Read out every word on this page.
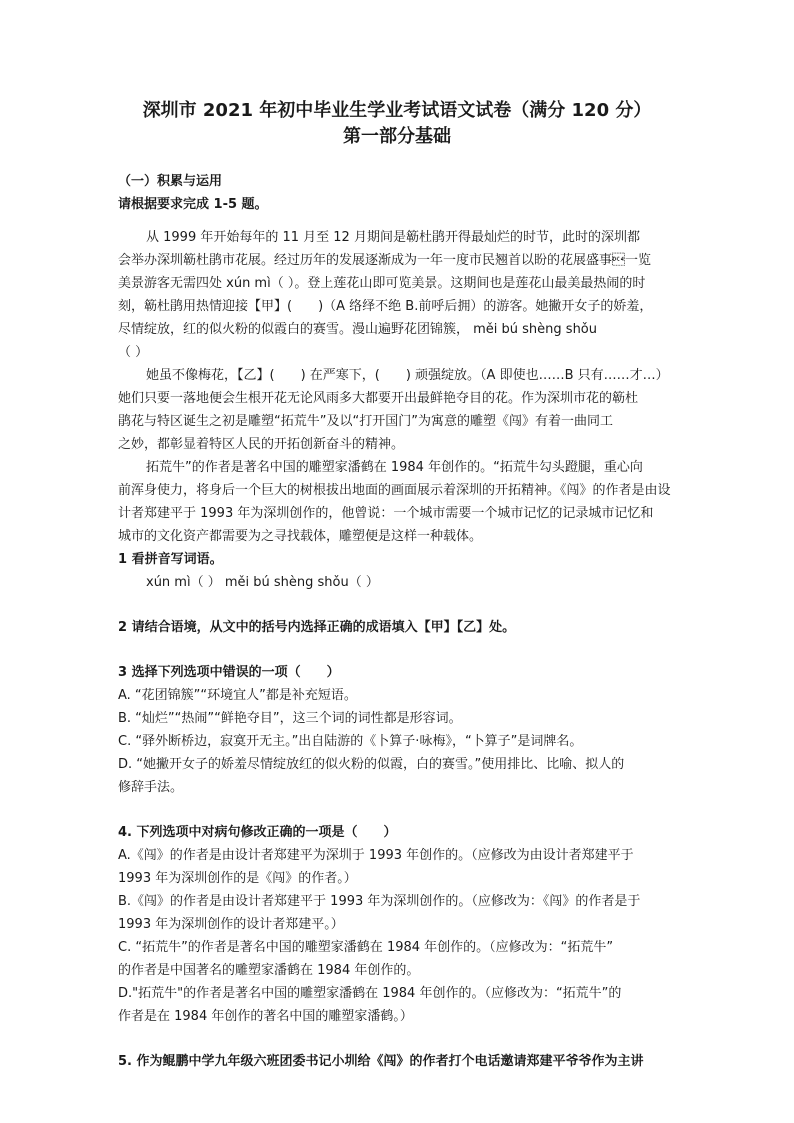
深圳市 2021 年初中毕业生学业考试语文试卷（满分 120 分）
第一部分基础
（一）积累与运用
请根据要求完成 1-5 题。
从 1999 年开始每年的 11 月至 12 月期间是簕杜鹃开得最灿烂的时节，此时的深圳都
会举办深圳簕杜鹃市花展。经过历年的发展逐渐成为一年一度市民翘首以盼的花展盛事一览
美景游客无需四处 xún mì（ ）。登上莲花山即可览美景。这期间也是莲花山最美最热闹的时
刻，簕杜鹃用热情迎接【甲】(　　)（A 络绎不绝 B.前呼后拥）的游客。她撇开女子的娇羞，
尽情绽放，红的似火粉的似霞白的赛雪。漫山遍野花团锦簇， měi bú shèng shǒu
（ ）
她虽不像梅花，【乙】(　　) 在严寒下，(　　) 顽强绽放。（A 即使也……B 只有……才…）
她们只要一落地便会生根开花无论风雨多大都要开出最鲜艳夺目的花。作为深圳市花的簕杜
鹃花与特区诞生之初是雕塑“拓荒牛”及以“打开国门”为寓意的雕塑《闯》有着一曲同工
之妙，都彰显着特区人民的开拓创新奋斗的精神。
拓荒牛”的作者是著名中国的雕塑家潘鹤在 1984 年创作的。“拓荒牛勾头蹬腿，重心向
前浑身使力，将身后一个巨大的树根拔出地面的画面展示着深圳的开拓精神。《闯》的作者是由设
计者郑建平于 1993 年为深圳创作的，他曾说：一个城市需要一个城市记忆的记录城市记忆和
城市的文化资产都需要为之寻找载体，雕塑便是这样一种载体。
1 看拼音写词语。
xún mì（ ） měi bú shèng shǒu（ ）
2 请结合语境，从文中的括号内选择正确的成语填入【甲】【乙】处。
3 选择下列选项中错误的一项（　　）
A. “花团锦簇”“环境宜人”都是补充短语。
B. “灿烂”“热闹”“鲜艳夺目”，这三个词的词性都是形容词。
C. “驿外断桥边，寂寞开无主。”出自陆游的《卜算子·咏梅》，“卜算子”是词牌名。
D. “她撇开女子的娇羞尽情绽放红的似火粉的似霞，白的赛雪。”使用排比、比喻、拟人的
修辞手法。
4. 下列选项中对病句修改正确的一项是（　　）
A.《闯》的作者是由设计者郑建平为深圳于 1993 年创作的。（应修改为由设计者郑建平于
1993 年为深圳创作的是《闯》的作者。）
B.《闯》的作者是由设计者郑建平于 1993 年为深圳创作的。（应修改为：《闯》的作者是于
1993 年为深圳创作的设计者郑建平。）
C. “拓荒牛”的作者是著名中国的雕塑家潘鹤在 1984 年创作的。（应修改为：“拓荒牛”
的作者是中国著名的雕塑家潘鹤在 1984 年创作的。
D."拓荒牛"的作者是著名中国的雕塑家潘鹤在 1984 年创作的。（应修改为：“拓荒牛”的
作者是在 1984 年创作的著名中国的雕塑家潘鹤。）
5. 作为鲲鹏中学九年级六班团委书记小圳给《闯》的作者打个电话邀请郑建平爷爷作为主讲
